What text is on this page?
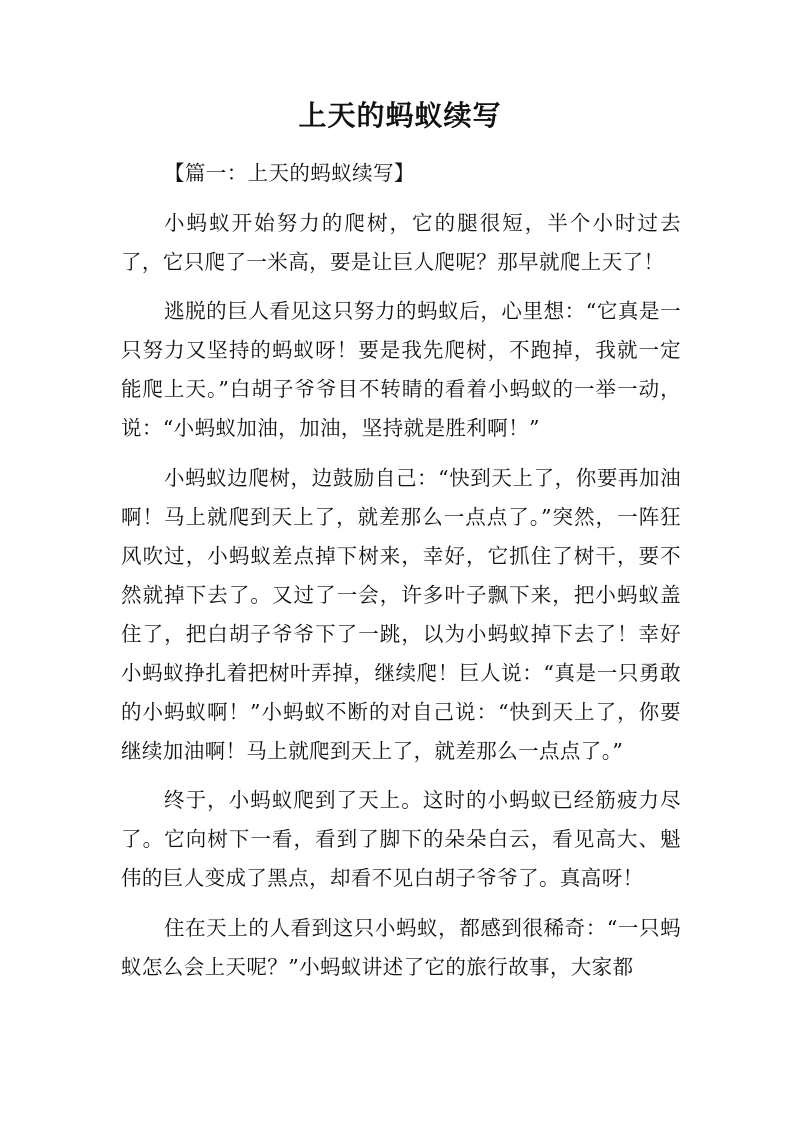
上天的蚂蚁续写

【篇一：上天的蚂蚁续写】

小蚂蚁开始努力的爬树，它的腿很短，半个小时过去了，它只爬了一米高，要是让巨人爬呢？那早就爬上天了！

逃脱的巨人看见这只努力的蚂蚁后，心里想：“它真是一只努力又坚持的蚂蚁呀！要是我先爬树，不跑掉，我就一定能爬上天。”白胡子爷爷目不转睛的看着小蚂蚁的一举一动，说：“小蚂蚁加油，加油，坚持就是胜利啊！”

小蚂蚁边爬树，边鼓励自己：“快到天上了，你要再加油啊！马上就爬到天上了，就差那么一点点了。”突然，一阵狂风吹过，小蚂蚁差点掉下树来，幸好，它抓住了树干，要不然就掉下去了。又过了一会，许多叶子飘下来，把小蚂蚁盖住了，把白胡子爷爷下了一跳，以为小蚂蚁掉下去了！幸好小蚂蚁挣扎着把树叶弄掉，继续爬！巨人说：“真是一只勇敢的小蚂蚁啊！”小蚂蚁不断的对自己说：“快到天上了，你要继续加油啊！马上就爬到天上了，就差那么一点点了。”

终于，小蚂蚁爬到了天上。这时的小蚂蚁已经筋疲力尽了。它向树下一看，看到了脚下的朵朵白云，看见高大、魁伟的巨人变成了黑点，却看不见白胡子爷爷了。真高呀！

住在天上的人看到这只小蚂蚁，都感到很稀奇：“一只蚂蚁怎么会上天呢？”小蚂蚁讲述了它的旅行故事，大家都
